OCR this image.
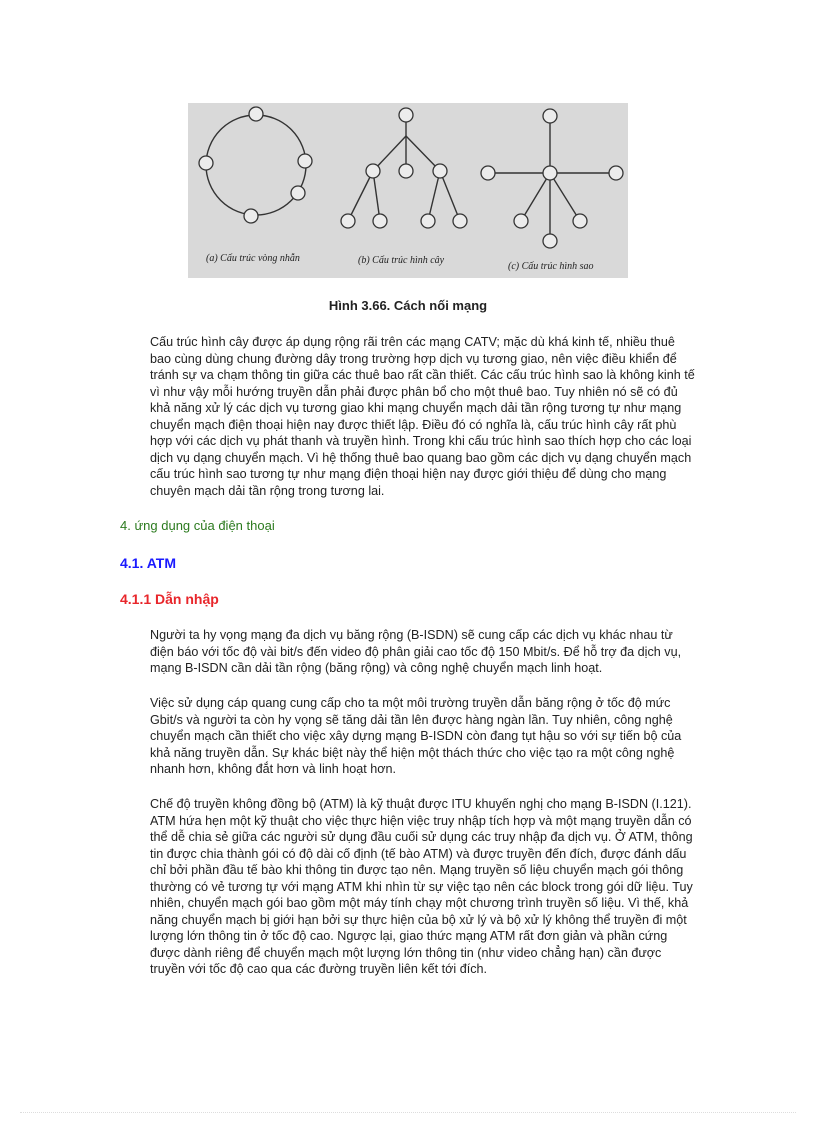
(a) Cấu trúc vòng nhẫn	(b) Cấu trúc hình cây
(c) Cấu trúc hình sao
Hình 3.66. Cách nối mạng

Cấu trúc hình cây được áp dụng rộng rãi trên các mạng CATV; mặc dù khá kinh tế, nhiều thuê bao cùng dùng chung đường dây trong trường hợp dịch vụ tương giao, nên việc điều khiển để tránh sự va chạm thông tin giữa các thuê bao rất cần thiết. Các cấu trúc hình sao là không kinh tế vì như vậy mỗi hướng truyền dẫn phải được phân bổ cho một thuê bao. Tuy nhiên nó sẽ có đủ khả năng xử lý các dịch vụ tương giao khi mạng chuyển mạch dải tần rộng tương tự như mạng chuyển mạch điện thoại hiện nay được thiết lập. Điều đó có nghĩa là, cấu trúc hình cây rất phù hợp với các dịch vụ phát thanh và truyền hình. Trong khi cấu trúc hình sao thích hợp cho các loại dịch vụ dạng chuyển mạch. Vì hệ thống thuê bao quang bao gồm các dịch vụ dạng chuyển mạch cấu trúc hình sao tương tự như mạng điện thoại hiện nay được giới thiệu để dùng cho mạng chuyên mạch dải tần rộng trong tương lai.

4. ứng dụng của điện thoại
4.1. ATM
4.1.1 Dẫn nhập

Người ta hy vọng mạng đa dịch vụ băng rộng (B-ISDN) sẽ cung cấp các dịch vụ khác nhau từ điện báo với tốc độ vài bit/s đến video độ phân giải cao tốc độ 150 Mbit/s. Để hỗ trợ đa dịch vụ, mạng B-ISDN cần dải tần rộng (băng rộng) và công nghệ chuyển mạch linh hoạt.

Việc sử dụng cáp quang cung cấp cho ta một môi trường truyền dẫn băng rộng ở tốc độ mức Gbit/s và người ta còn hy vọng sẽ tăng dải tần lên được hàng ngàn lần. Tuy nhiên, công nghệ chuyển mạch cần thiết cho việc xây dựng mạng B-ISDN còn đang tụt hậu so với sự tiến bộ của khả năng truyền dẫn. Sự khác biệt này thể hiện một thách thức cho việc tạo ra một công nghệ nhanh hơn, không đắt hơn và linh hoạt hơn.

Chế độ truyền không đồng bộ (ATM) là kỹ thuật được ITU khuyến nghị cho mạng B-ISDN (I.121). ATM hứa hẹn một kỹ thuật cho việc thực hiện việc truy nhập tích hợp và một mạng truyền dẫn có thể dễ chia sẻ giữa các người sử dụng đầu cuối sử dụng các truy nhập đa dịch vụ. Ở ATM, thông tin được chia thành gói có độ dài cố định (tế bào ATM) và được truyền đến đích, được đánh dấu chỉ bởi phần đầu tế bào khi thông tin được tạo nên. Mạng truyền số liệu chuyển mạch gói thông thường có vẻ tương tự với mạng ATM khi nhìn từ sự việc tạo nên các block trong gói dữ liệu. Tuy nhiên, chuyển mạch gói bao gồm một máy tính chạy một chương trình truyền số liệu. Vì thế, khả năng chuyển mạch bị giới hạn bởi sự thực hiện của bộ xử lý và bộ xử lý không thể truyền đi một lượng lớn thông tin ở tốc độ cao. Ngược lại, giao thức mạng ATM rất đơn giản và phần cứng được dành riêng để chuyển mạch một lượng lớn thông tin (như video chẳng hạn) cần được truyền với tốc độ cao qua các đường truyền liên kết tới đích.
